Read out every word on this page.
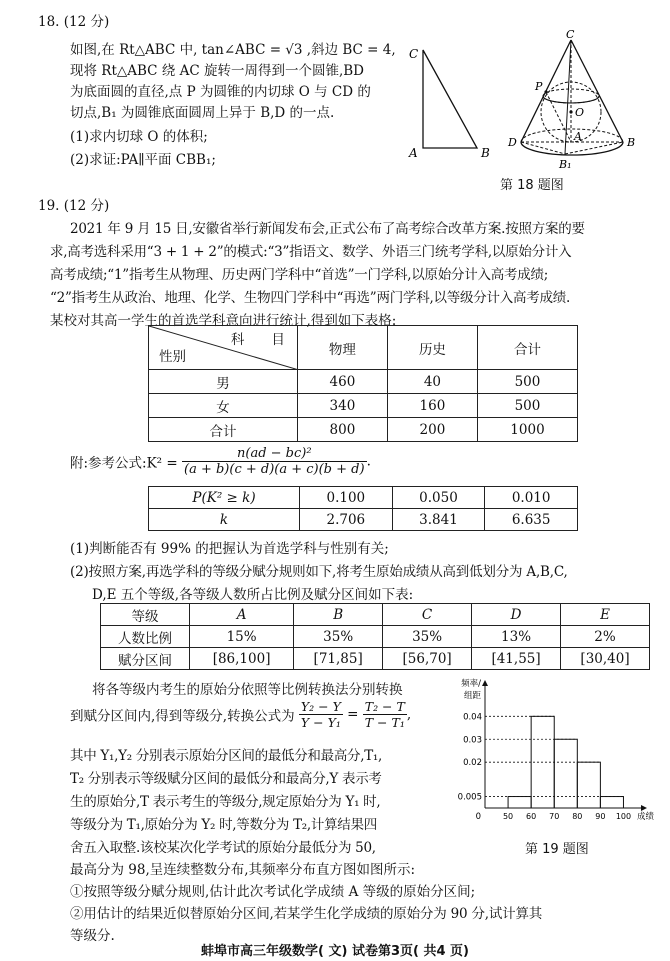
18. (12 分)
如图,在 Rt△ABC 中, tan∠ABC = √3 ,斜边 BC = 4,
现将 Rt△ABC 绕 AC 旋转一周得到一个圆锥,BD
为底面圆的直径,点 P 为圆锥的内切球 O 与 CD 的
切点,B₁ 为圆锥底面圆周上异于 B,D 的一点.
(1)求内切球 O 的体积;
(2)求证:PA∥平面 CBB₁;
C
A	B
C
P
O
D	A	B
B₁
第 18 题图
19. (12 分)
2021 年 9 月 15 日,安徽省举行新闻发布会,正式公布了高考综合改革方案.按照方案的要
求,高考选科采用“3 + 1 + 2”的模式:“3”指语文、数学、外语三门统考学科,以原始分计入
高考成绩;“1”指考生从物理、历史两门学科中“首选”一门学科,以原始分计入高考成绩;
“2”指考生从政治、地理、化学、生物四门学科中“再选”两门学科,以等级分计入高考成绩.
某校对其高一学生的首选学科意向进行统计,得到如下表格:
科　　目
性别	物理	历史	合计
男	460	40	500
女	340	160	500
合计	800	200	1000
附:参考公式:K² = $\frac{\text{n(ad − bc)²}}{(a + b)(c + d)(a + c)(b + d)}$ .
P(K² ≥ k)	0.100	0.050	0.010
k	2.706	3.841	6.635
(1)判断能否有 99% 的把握认为首选学科与性别有关;
(2)按照方案,再选学科的等级分赋分规则如下,将考生原始成绩从高到低划分为 A,B,C,
D,E 五个等级,各等级人数所占比例及赋分区间如下表:
等级	A	B	C	D	E
人数比例	15%	35%	35%	13%	2%
赋分区间	[86,100]	[71,85]	[56,70]	[41,55]	[30,40]
将各等级内考生的原始分依照等比例转换法分别转换
到赋分区间内,得到等级分,转换公式为 $\frac{\text{Y₂ − Y}}{\text{Y − Y₁}} = \frac{\text{T₂ − T}}{\text{T − T₁}}$ ,
其中 Y₁,Y₂ 分别表示原始分区间的最低分和最高分,T₁,
T₂ 分别表示等级赋分区间的最低分和最高分,Y 表示考
生的原始分,T 表示考生的等级分,规定原始分为 Y₁ 时,
等级分为 T₁,原始分为 Y₂ 时,等数分为 T₂,计算结果四
舍五入取整.该校某次化学考试的原始分最低分为 50,
最高分为 98,呈连续整数分布,其频率分布直方图如图所示:
①按照等级分赋分规则,估计此次考试化学成绩 A 等级的原始分区间;
②用估计的结果近似替原始分区间,若某学生化学成绩的原始分为 90 分,试计算其
等级分.
0.005
0.02
0.03
0.04
50 60 70 80 90 100
0
频率/
组距
成绩
第 19 题图
蚌埠市高三年级数学( 文) 试卷第3页( 共4 页)
